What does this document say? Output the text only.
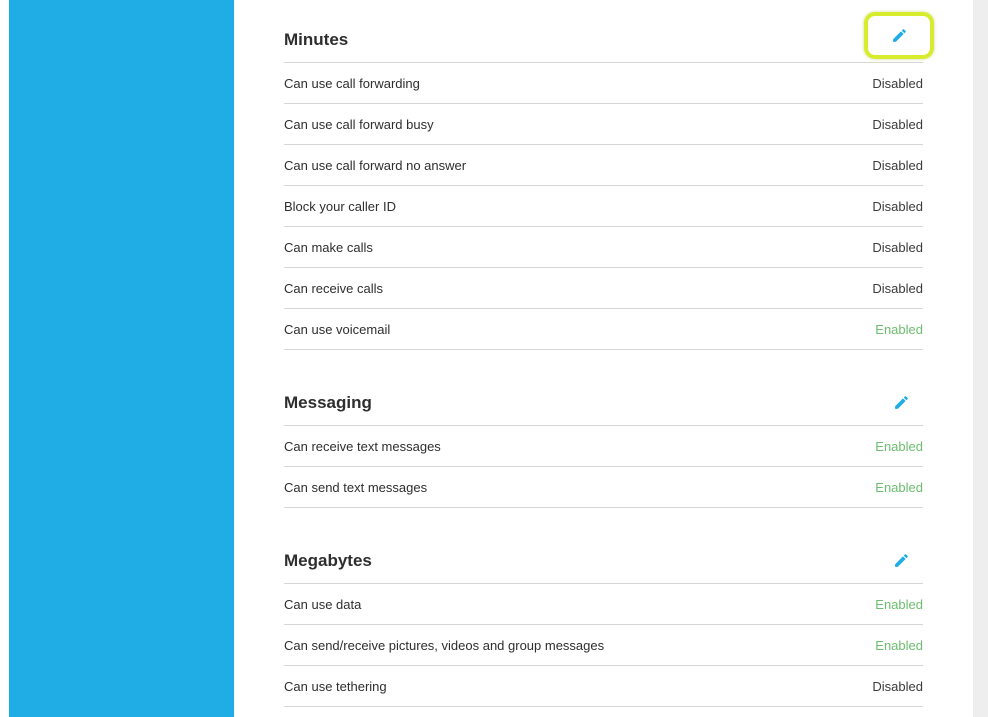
Minutes
Can use call forwarding	Disabled
Can use call forward busy	Disabled
Can use call forward no answer	Disabled
Block your caller ID	Disabled
Can make calls	Disabled
Can receive calls	Disabled
Can use voicemail	Enabled
Messaging
Can receive text messages	Enabled
Can send text messages	Enabled
Megabytes
Can use data	Enabled
Can send/receive pictures, videos and group messages	Enabled
Can use tethering	Disabled
